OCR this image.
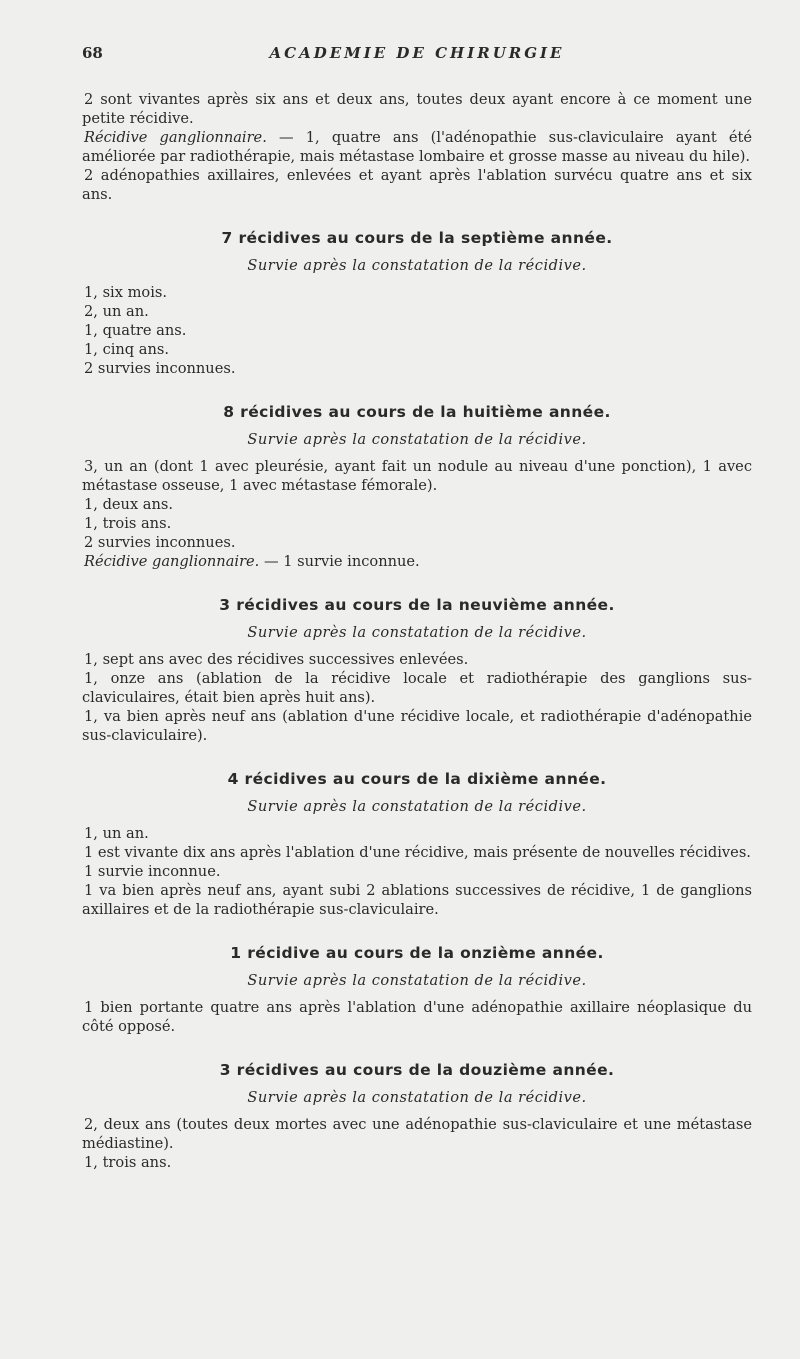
68	ACADEMIE DE CHIRURGIE

2 sont vivantes après six ans et deux ans, toutes deux ayant encore à ce moment une petite récidive.

Récidive ganglionnaire. — 1, quatre ans (l'adénopathie sus-claviculaire ayant été améliorée par radiothérapie, mais métastase lombaire et grosse masse au niveau du hile).

2 adénopathies axillaires, enlevées et ayant après l'ablation survécu quatre ans et six ans.

7 récidives au cours de la septième année.
Survie après la constatation de la récidive.

1, six mois.

2, un an.

1, quatre ans.

1, cinq ans.

2 survies inconnues.

8 récidives au cours de la huitième année.
Survie après la constatation de la récidive.

3, un an (dont 1 avec pleurésie, ayant fait un nodule au niveau d'une ponction), 1 avec métastase osseuse, 1 avec métastase fémorale).

1, deux ans.

1, trois ans.

2 survies inconnues.

Récidive ganglionnaire. — 1 survie inconnue.

3 récidives au cours de la neuvième année.
Survie après la constatation de la récidive.

1, sept ans avec des récidives successives enlevées.

1, onze ans (ablation de la récidive locale et radiothérapie des ganglions sus-claviculaires, était bien après huit ans).

1, va bien après neuf ans (ablation d'une récidive locale, et radiothérapie d'adénopathie sus-claviculaire).

4 récidives au cours de la dixième année.
Survie après la constatation de la récidive.

1, un an.

1 est vivante dix ans après l'ablation d'une récidive, mais présente de nouvelles récidives.

1 survie inconnue.

1 va bien après neuf ans, ayant subi 2 ablations successives de récidive, 1 de ganglions axillaires et de la radiothérapie sus-claviculaire.

1 récidive au cours de la onzième année.
Survie après la constatation de la récidive.

1 bien portante quatre ans après l'ablation d'une adénopathie axillaire néoplasique du côté opposé.

3 récidives au cours de la douzième année.
Survie après la constatation de la récidive.

2, deux ans (toutes deux mortes avec une adénopathie sus-claviculaire et une métastase médiastine).

1, trois ans.
